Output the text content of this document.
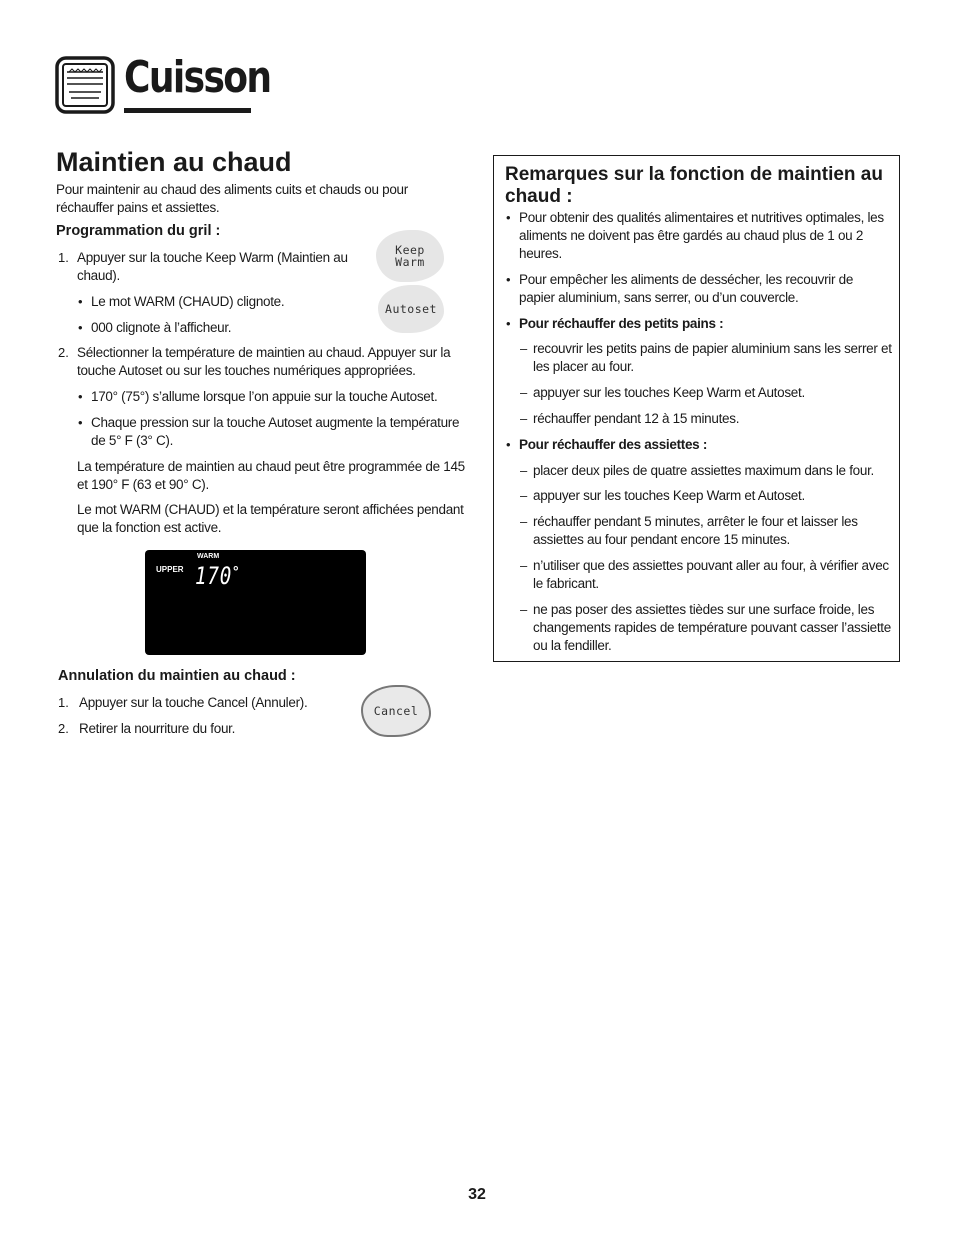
Cuisson
Maintien au chaud
Pour maintenir au chaud des aliments cuits et chauds ou pour réchauffer pains et assiettes.
Programmation du gril :
1. Appuyer sur la touche Keep Warm (Maintien au chaud).
• Le mot WARM (CHAUD) clignote.
• 000 clignote à l’afficheur.
Keep
Warm
Autoset
2. Sélectionner la température de maintien au chaud. Appuyer sur la touche Autoset ou sur les touches numériques appropriées.
• 170° (75°) s’allume lorsque l’on appuie sur la touche Autoset.
• Chaque pression sur la touche Autoset augmente la température de 5° F (3° C).
La température de maintien au chaud peut être programmée de 145 et 190° F (63 et 90° C).
Le mot WARM (CHAUD) et la température seront affichées pendant que la fonction est active.
WARM
UPPER 170 °
Annulation du maintien au chaud :
1. Appuyer sur la touche Cancel (Annuler).
2. Retirer la nourriture du four.
Cancel
Remarques sur la fonction de maintien au chaud :
• Pour obtenir des qualités alimentaires et nutritives optimales, les aliments ne doivent pas être gardés au chaud plus de 1 ou 2 heures.
• Pour empêcher les aliments de dessécher, les recouvrir de papier aluminium, sans serrer, ou d’un couvercle.
• Pour réchauffer des petits pains :
– recouvrir les petits pains de papier aluminium sans les serrer et les placer au four.
– appuyer sur les touches Keep Warm et Autoset.
– réchauffer pendant 12 à 15 minutes.
• Pour réchauffer des assiettes :
– placer deux piles de quatre assiettes maximum dans le four.
– appuyer sur les touches Keep Warm et Autoset.
– réchauffer pendant 5 minutes, arrêter le four et laisser les assiettes au four pendant encore 15 minutes.
– n’utiliser que des assiettes pouvant aller au four, à vérifier avec le fabricant.
– ne pas poser des assiettes tièdes sur une surface froide, les changements rapides de température pouvant casser l’assiette ou la fendiller.
32
